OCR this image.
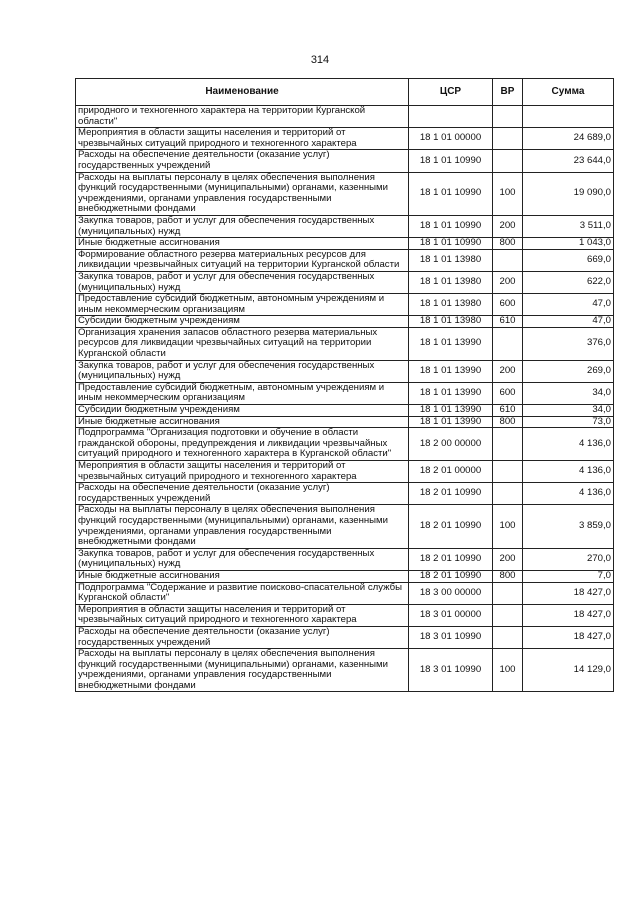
314
Наименование	ЦСР	ВР	Сумма
природного и техногенного характера на территории Курганской области"			
Мероприятия в области защиты населения и территорий от чрезвычайных ситуаций природного и техногенного характера	18 1 01 00000		24 689,0
Расходы на обеспечение деятельности (оказание услуг) государственных учреждений	18 1 01 10990		23 644,0
Расходы на выплаты персоналу в целях обеспечения выполнения функций государственными (муниципальными) органами, казенными учреждениями, органами управления государственными внебюджетными фондами	18 1 01 10990	100	19 090,0
Закупка товаров, работ и услуг для обеспечения государственных (муниципальных) нужд	18 1 01 10990	200	3 511,0
Иные бюджетные ассигнования	18 1 01 10990	800	1 043,0
Формирование областного резерва материальных ресурсов для ликвидации чрезвычайных ситуаций на территории Курганской области	18 1 01 13980		669,0
Закупка товаров, работ и услуг для обеспечения государственных (муниципальных) нужд	18 1 01 13980	200	622,0
Предоставление субсидий бюджетным, автономным учреждениям и иным некоммерческим организациям	18 1 01 13980	600	47,0
Субсидии бюджетным учреждениям	18 1 01 13980	610	47,0
Организация хранения запасов областного резерва материальных ресурсов для ликвидации чрезвычайных ситуаций на территории Курганской области	18 1 01 13990		376,0
Закупка товаров, работ и услуг для обеспечения государственных (муниципальных) нужд	18 1 01 13990	200	269,0
Предоставление субсидий бюджетным, автономным учреждениям и иным некоммерческим организациям	18 1 01 13990	600	34,0
Субсидии бюджетным учреждениям	18 1 01 13990	610	34,0
Иные бюджетные ассигнования	18 1 01 13990	800	73,0
Подпрограмма "Организация подготовки и обучение в области гражданской обороны, предупреждения и ликвидации чрезвычайных ситуаций природного и техногенного характера в Курганской области"	18 2 00 00000		4 136,0
Мероприятия в области защиты населения и территорий от чрезвычайных ситуаций природного и техногенного характера	18 2 01 00000		4 136,0
Расходы на обеспечение деятельности (оказание услуг) государственных учреждений	18 2 01 10990		4 136,0
Расходы на выплаты персоналу в целях обеспечения выполнения функций государственными (муниципальными) органами, казенными учреждениями, органами управления государственными внебюджетными фондами	18 2 01 10990	100	3 859,0
Закупка товаров, работ и услуг для обеспечения государственных (муниципальных) нужд	18 2 01 10990	200	270,0
Иные бюджетные ассигнования	18 2 01 10990	800	7,0
Подпрограмма "Содержание и развитие поисково-спасательной службы Курганской области"	18 3 00 00000		18 427,0
Мероприятия в области защиты населения и территорий от чрезвычайных ситуаций природного и техногенного характера	18 3 01 00000		18 427,0
Расходы на обеспечение деятельности (оказание услуг) государственных учреждений	18 3 01 10990		18 427,0
Расходы на выплаты персоналу в целях обеспечения выполнения функций государственными (муниципальными) органами, казенными учреждениями, органами управления государственными внебюджетными фондами	18 3 01 10990	100	14 129,0
